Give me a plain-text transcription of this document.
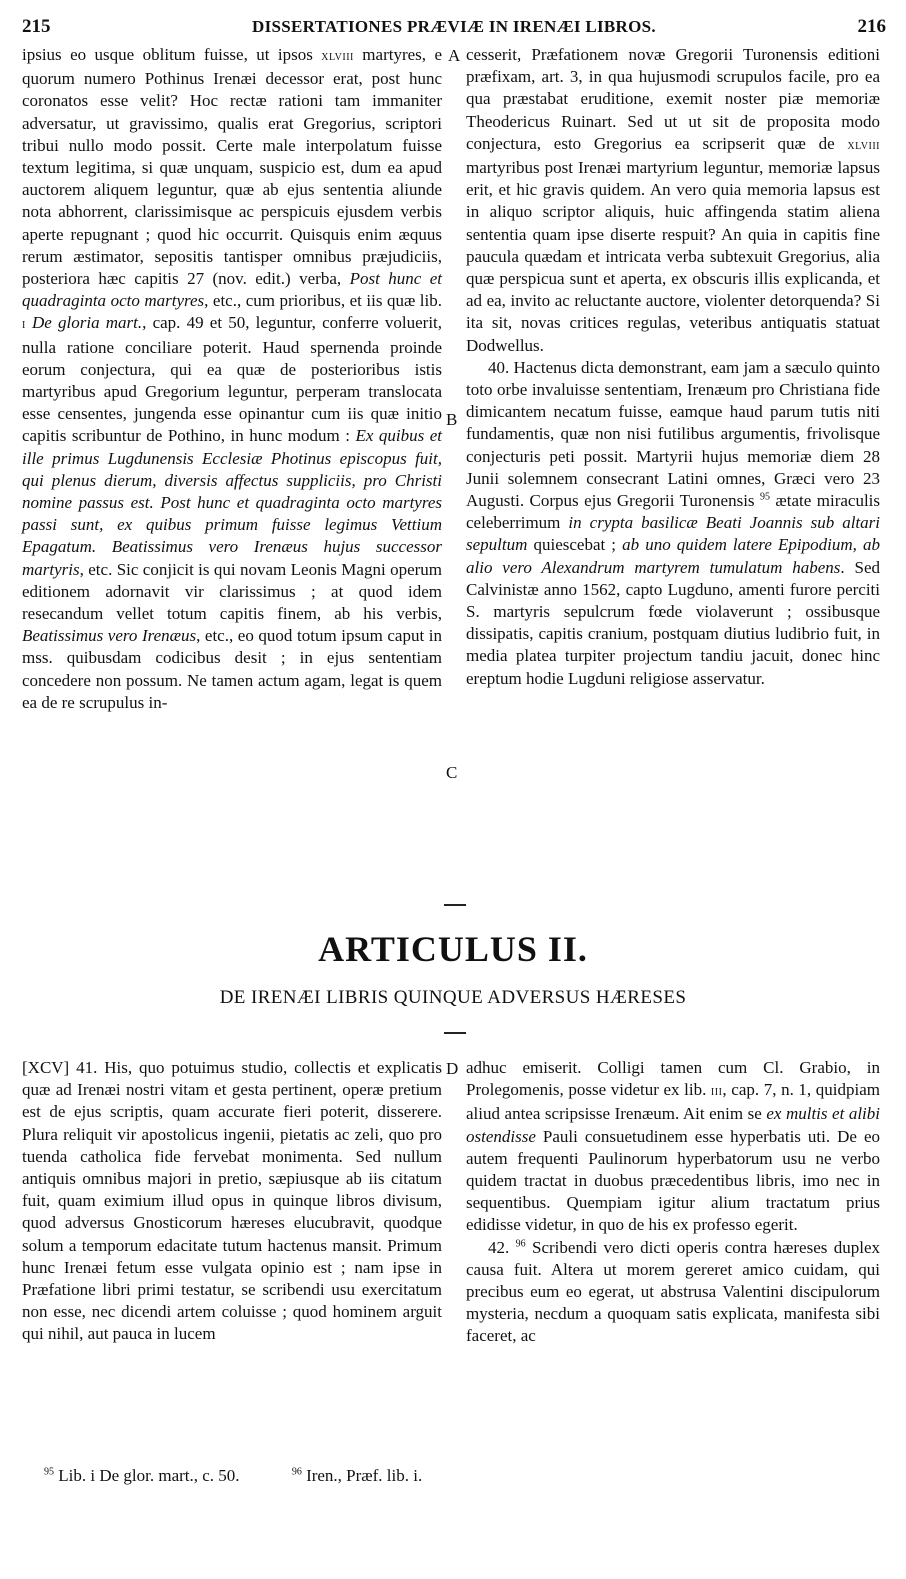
215	DISSERTATIONES PRÆVIÆ IN IRENÆI LIBROS.	216
A
B
C
D

ipsius eo usque oblitum fuisse, ut ipsos xlviii martyres, e quorum numero Pothinus Irenæi decessor erat, post hunc coronatos esse velit? Hoc rectæ rationi tam immaniter adversatur, ut gravissimo, qualis erat Gregorius, scriptori tribui nullo modo possit. Certe male interpolatum fuisse textum legitima, si quæ unquam, suspicio est, dum ea apud auctorem aliquem leguntur, quæ ab ejus sententia aliunde nota abhorrent, clarissimisque ac perspicuis ejusdem verbis aperte repugnant ; quod hic occurrit. Quisquis enim æquus rerum æstimator, sepositis tantisper omnibus præjudiciis, posteriora hæc capitis 27 (nov. edit.) verba, Post hunc et quadraginta octo martyres, etc., cum prioribus, et iis quæ lib. i De gloria mart., cap. 49 et 50, leguntur, conferre voluerit, nulla ratione conciliare poterit. Haud spernenda proinde eorum conjectura, qui ea quæ de posterioribus istis martyribus apud Gregorium leguntur, perperam translocata esse censentes, jungenda esse opinantur cum iis quæ initio capitis scribuntur de Pothino, in hunc modum : Ex quibus et ille primus Lugdunensis Ecclesiæ Photinus episcopus fuit, qui plenus dierum, diversis affectus suppliciis, pro Christi nomine passus est. Post hunc et quadraginta octo martyres passi sunt, ex quibus primum fuisse legimus Vettium Epagatum. Beatissimus vero Irenæus hujus successor martyris, etc. Sic conjicit is qui novam Leonis Magni operum editionem adornavit vir clarissimus ; at quod idem resecandum vellet totum capitis finem, ab his verbis, Beatissimus vero Irenæus, etc., eo quod totum ipsum caput in mss. quibusdam codicibus desit ; in ejus sententiam concedere non possum. Ne tamen actum agam, legat is quem ea de re scrupulus in-

cesserit, Præfationem novæ Gregorii Turonensis editioni præfixam, art. 3, in qua hujusmodi scrupulos facile, pro ea qua præstabat eruditione, exemit noster piæ memoriæ Theodericus Ruinart. Sed ut ut sit de proposita modo conjectura, esto Gregorius ea scripserit quæ de xlviii martyribus post Irenæi martyrium leguntur, memoriæ lapsus erit, et hic gravis quidem. An vero quia memoria lapsus est in aliquo scriptor aliquis, huic affingenda statim aliena sententia quam ipse diserte respuit? An quia in capitis fine paucula quædam et intricata verba subtexuit Gregorius, alia quæ perspicua sunt et aperta, ex obscuris illis explicanda, et ad ea, invito ac reluctante auctore, violenter detorquenda? Si ita sit, novas critices regulas, veteribus antiquatis statuat Dodwellus.

40. Hactenus dicta demonstrant, eam jam a sæculo quinto toto orbe invaluisse sententiam, Irenæum pro Christiana fide dimicantem necatum fuisse, eamque haud parum tutis niti fundamentis, quæ non nisi futilibus argumentis, frivolisque conjecturis peti possit. Martyrii hujus memoriæ diem 28 Junii solemnem consecrant Latini omnes, Græci vero 23 Augusti. Corpus ejus Gregorii Turonensis $^{95}$ ætate miraculis celeberrimum in crypta basilicæ Beati Joannis sub altari sepultum quiescebat ; ab uno quidem latere Epipodium, ab alio vero Alexandrum martyrem tumulatum habens. Sed Calvinistæ anno 1562, capto Lugduno, amenti furore perciti S. martyris sepulcrum fœde violaverunt ; ossibusque dissipatis, capitis cranium, postquam diutius ludibrio fuit, in media platea turpiter projectum tandiu jacuit, donec hinc ereptum hodie Lugduni religiose asservatur.

ARTICULUS II.
DE IRENÆI LIBRIS QUINQUE ADVERSUS HÆRESES

[XCV] 41. His, quo potuimus studio, collectis et explicatis quæ ad Irenæi nostri vitam et gesta pertinent, operæ pretium est de ejus scriptis, quam accurate fieri poterit, disserere. Plura reliquit vir apostolicus ingenii, pietatis ac zeli, quo pro tuenda catholica fide fervebat monimenta. Sed nullum antiquis omnibus majori in pretio, sæpiusque ab iis citatum fuit, quam eximium illud opus in quinque libros divisum, quod adversus Gnosticorum hæreses elucubravit, quodque solum a temporum edacitate tutum hactenus mansit. Primum hunc Irenæi fetum esse vulgata opinio est ; nam ipse in Præfatione libri primi testatur, se scribendi usu exercitatum non esse, nec dicendi artem coluisse ; quod hominem arguit qui nihil, aut pauca in lucem

adhuc emiserit. Colligi tamen cum Cl. Grabio, in Prolegomenis, posse videtur ex lib. iii, cap. 7, n. 1, quidpiam aliud antea scripsisse Irenæum. Ait enim se ex multis et alibi ostendisse Pauli consuetudinem esse hyperbatis uti. De eo autem frequenti Paulinorum hyperbatorum usu ne verbo quidem tractat in duobus præcedentibus libris, imo nec in sequentibus. Quempiam igitur alium tractatum prius edidisse videtur, in quo de his ex professo egerit.

42. $^{96}$ Scribendi vero dicti operis contra hæreses duplex causa fuit. Altera ut morem gereret amico cuidam, qui precibus eum eo egerat, ut abstrusa Valentini discipulorum mysteria, necdum a quoquam satis explicata, manifesta sibi faceret, ac

$^{95}$ Lib. i De glor. mart., c. 50.	$^{96}$ Iren., Præf. lib. i.
